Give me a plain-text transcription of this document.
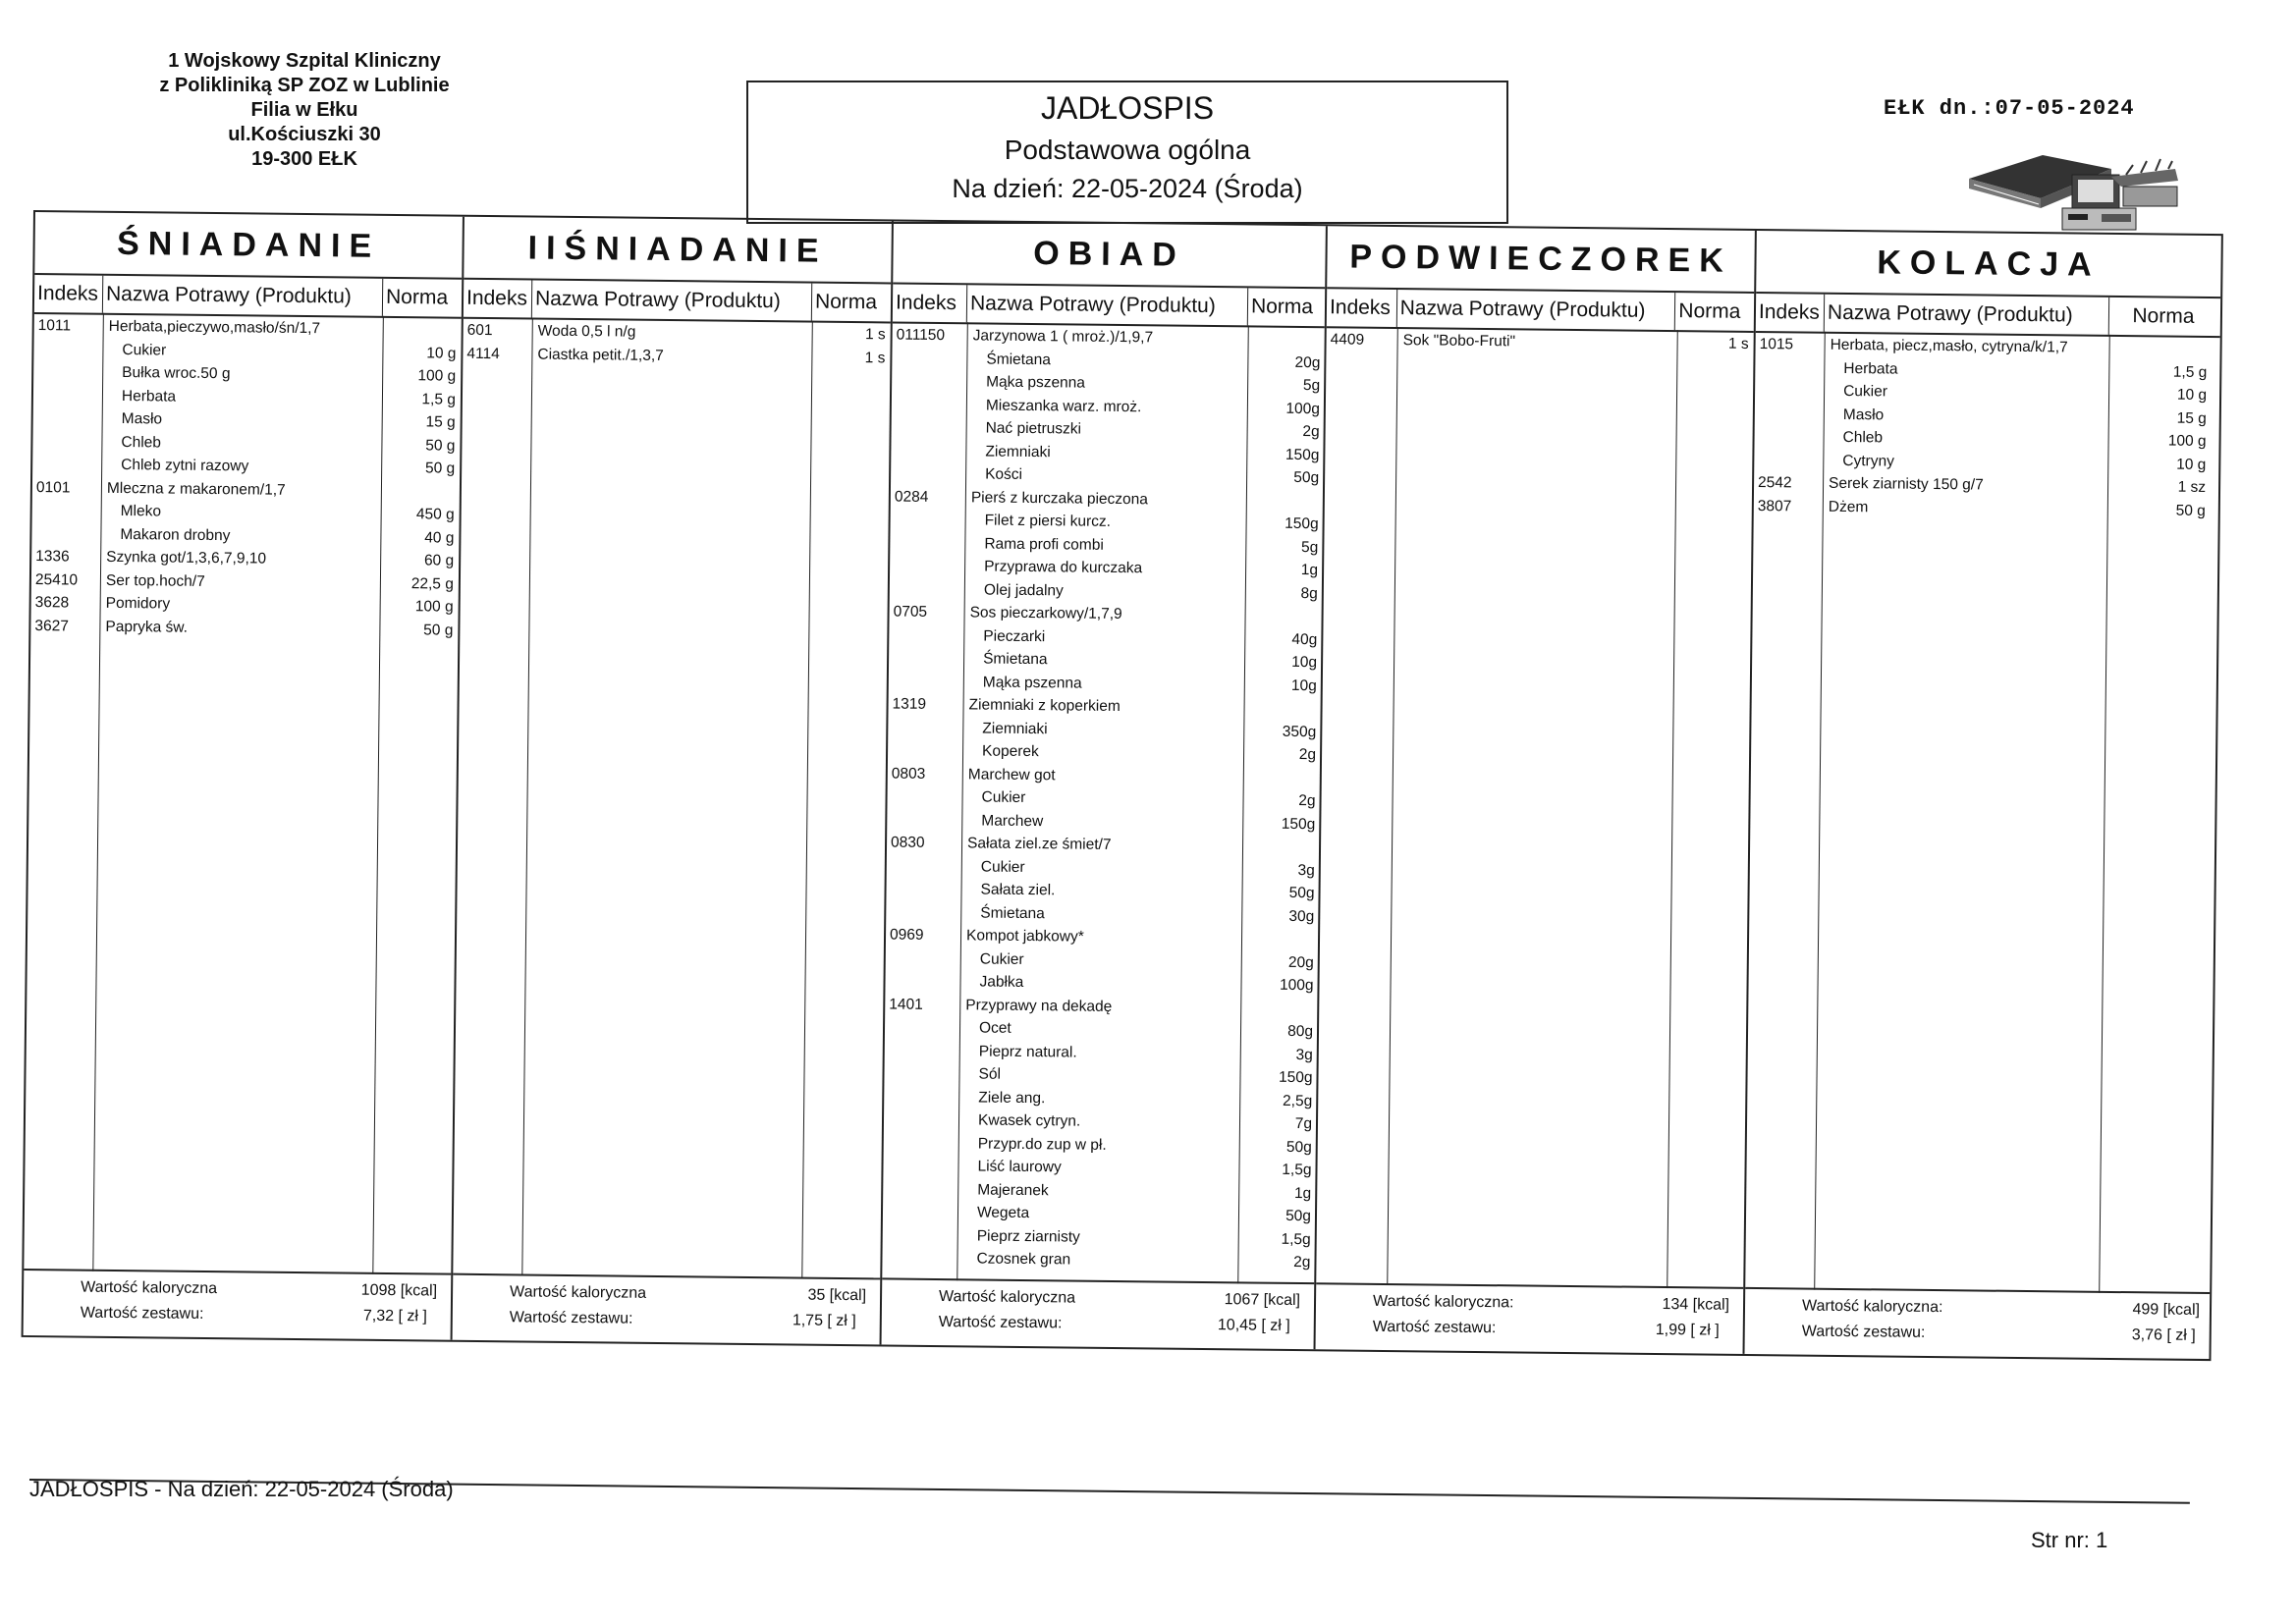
1 Wojskowy Szpital Kliniczny
z Polikliniką SP ZOZ w Lublinie
Filia w Ełku
ul.Kościuszki 30
19-300 EŁK
JADŁOSPIS
Podstawowa ogólna
Na dzień: 22-05-2024 (Środa)
EŁK dn.:07-05-2024
ŚNIADANIE
Indeks Nazwa Potrawy (Produktu)	Norma
1011 Herbata,pieczywo,masło/śn/1,7
Cukier	10 g
Bułka wroc.50 g	100 g
Herbata	1,5 g
Masło	15 g
Chleb	50 g
Chleb zytni razowy	50 g
0101 Mleczna z makaronem/1,7
Mleko	450 g
Makaron drobny	40 g
1336 Szynka got/1,3,6,7,9,10	60 g
25410 Ser top.hoch/7	22,5 g
3628 Pomidory	100 g
3627 Papryka św.	50 g
Wartość kaloryczna	1098 [kcal]
Wartość zestawu:	7,32 [ zł ]
IIŚNIADANIE
Indeks Nazwa Potrawy (Produktu)	Norma
601	Woda 0,5 l n/g	1 s
4114 Ciastka petit./1,3,7	1 s
Wartość kaloryczna	35 [kcal]
Wartość zestawu:	1,75 [ zł ]
OBIAD
Indeks Nazwa Potrawy (Produktu)	Norma
011150 Jarzynowa 1 ( mroż.)/1,9,7
Śmietana	20g
Mąka pszenna	5g
Mieszanka warz. mroż.	100g
Nać pietruszki	2g
Ziemniaki	150g
Kości	50g
0284	Pierś z kurczaka pieczona
Filet z piersi kurcz.	150g
Rama profi combi	5g
Przyprawa do kurczaka	1g
Olej jadalny	8g
0705	Sos pieczarkowy/1,7,9
Pieczarki	40g
Śmietana	10g
Mąka pszenna	10g
1319	Ziemniaki z koperkiem
Ziemniaki	350g
Koperek	2g
0803	Marchew got
Cukier	2g
Marchew	150g
0830	Sałata ziel.ze śmiet/7
Cukier	3g
Sałata ziel.	50g
Śmietana	30g
0969	Kompot jabkowy*
Cukier	20g
Jabłka	100g
1401	Przyprawy na dekadę
Ocet	80g
Pieprz natural.	3g
Sól	150g
Ziele ang.	2,5g
Kwasek cytryn.	7g
Przypr.do zup w pł.	50g
Liść laurowy	1,5g
Majeranek	1g
Wegeta	50g
Pieprz ziarnisty	1,5g
Czosnek gran	2g
Wartość kaloryczna	1067 [kcal]
Wartość zestawu:	10,45 [ zł ]
PODWIECZOREK
Indeks Nazwa Potrawy (Produktu)	Norma
4409	Sok "Bobo-Fruti"	1 s
Wartość kaloryczna:	134 [kcal]
Wartość zestawu:	1,99 [ zł ]
KOLACJA
Indeks Nazwa Potrawy (Produktu)	Norma
1015 Herbata, piecz,masło, cytryna/k/1,7
Herbata	1,5 g
Cukier	10 g
Masło	15 g
Chleb	100 g
Cytryny	10 g
2542 Serek ziarnisty 150 g/7	1 sz
3807 Dżem	50 g
Wartość kaloryczna:	499 [kcal]
Wartość zestawu:	3,76 [ zł ]
JADŁOSPIS - Na dzień: 22-05-2024 (Środa)
Str nr: 1
